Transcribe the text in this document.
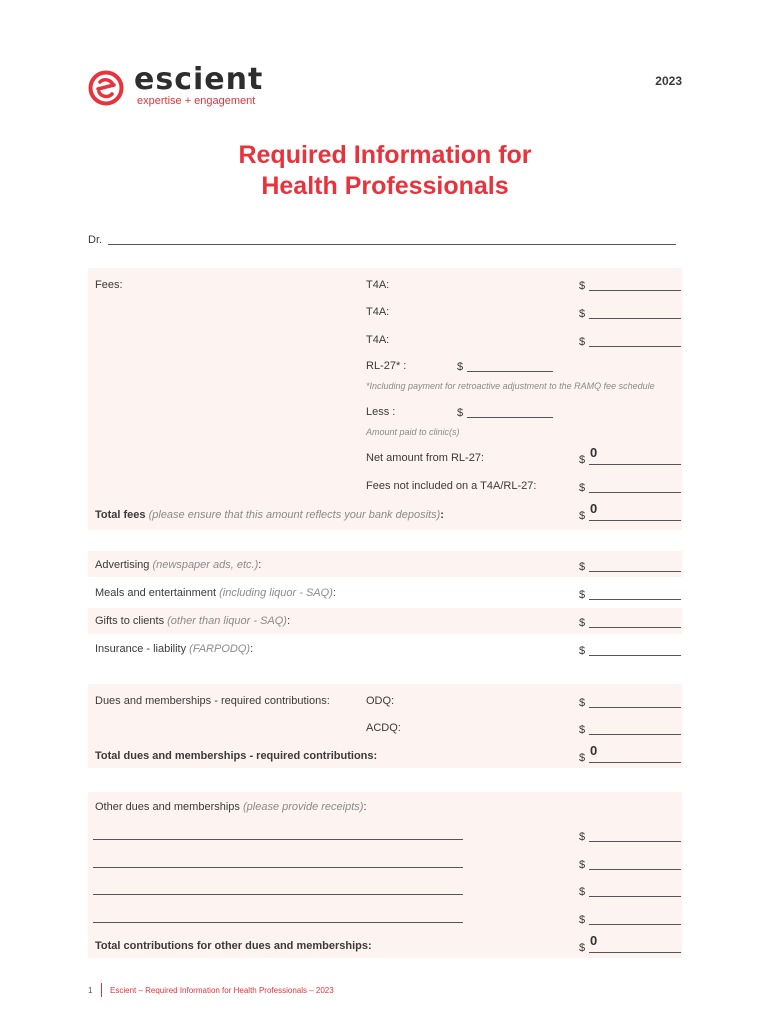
escient
expertise + engagement
2023
Required Information for
Health Professionals
Dr.
Fees:	T4A:	$
T4A:	$
T4A:	$
RL-27* :	$
*Including payment for retroactive adjustment to the RAMQ fee schedule
Less :	$
Amount paid to clinic(s)
Net amount from RL-27:	$ 0
Fees not included on a T4A/RL-27:	$
Total fees (please ensure that this amount reflects your bank deposits):	$ 0
Advertising (newspaper ads, etc.):	$
Meals and entertainment (including liquor - SAQ):	$
Gifts to clients (other than liquor - SAQ):	$
Insurance - liability (FARPODQ):	$
Dues and memberships - required contributions:	ODQ:	$
ACDQ:	$
Total dues and memberships - required contributions:	$ 0
Other dues and memberships (please provide receipts):
$
$
$
$
Total contributions for other dues and memberships:	$ 0
1 Escient – Required Information for Health Professionals – 2023
